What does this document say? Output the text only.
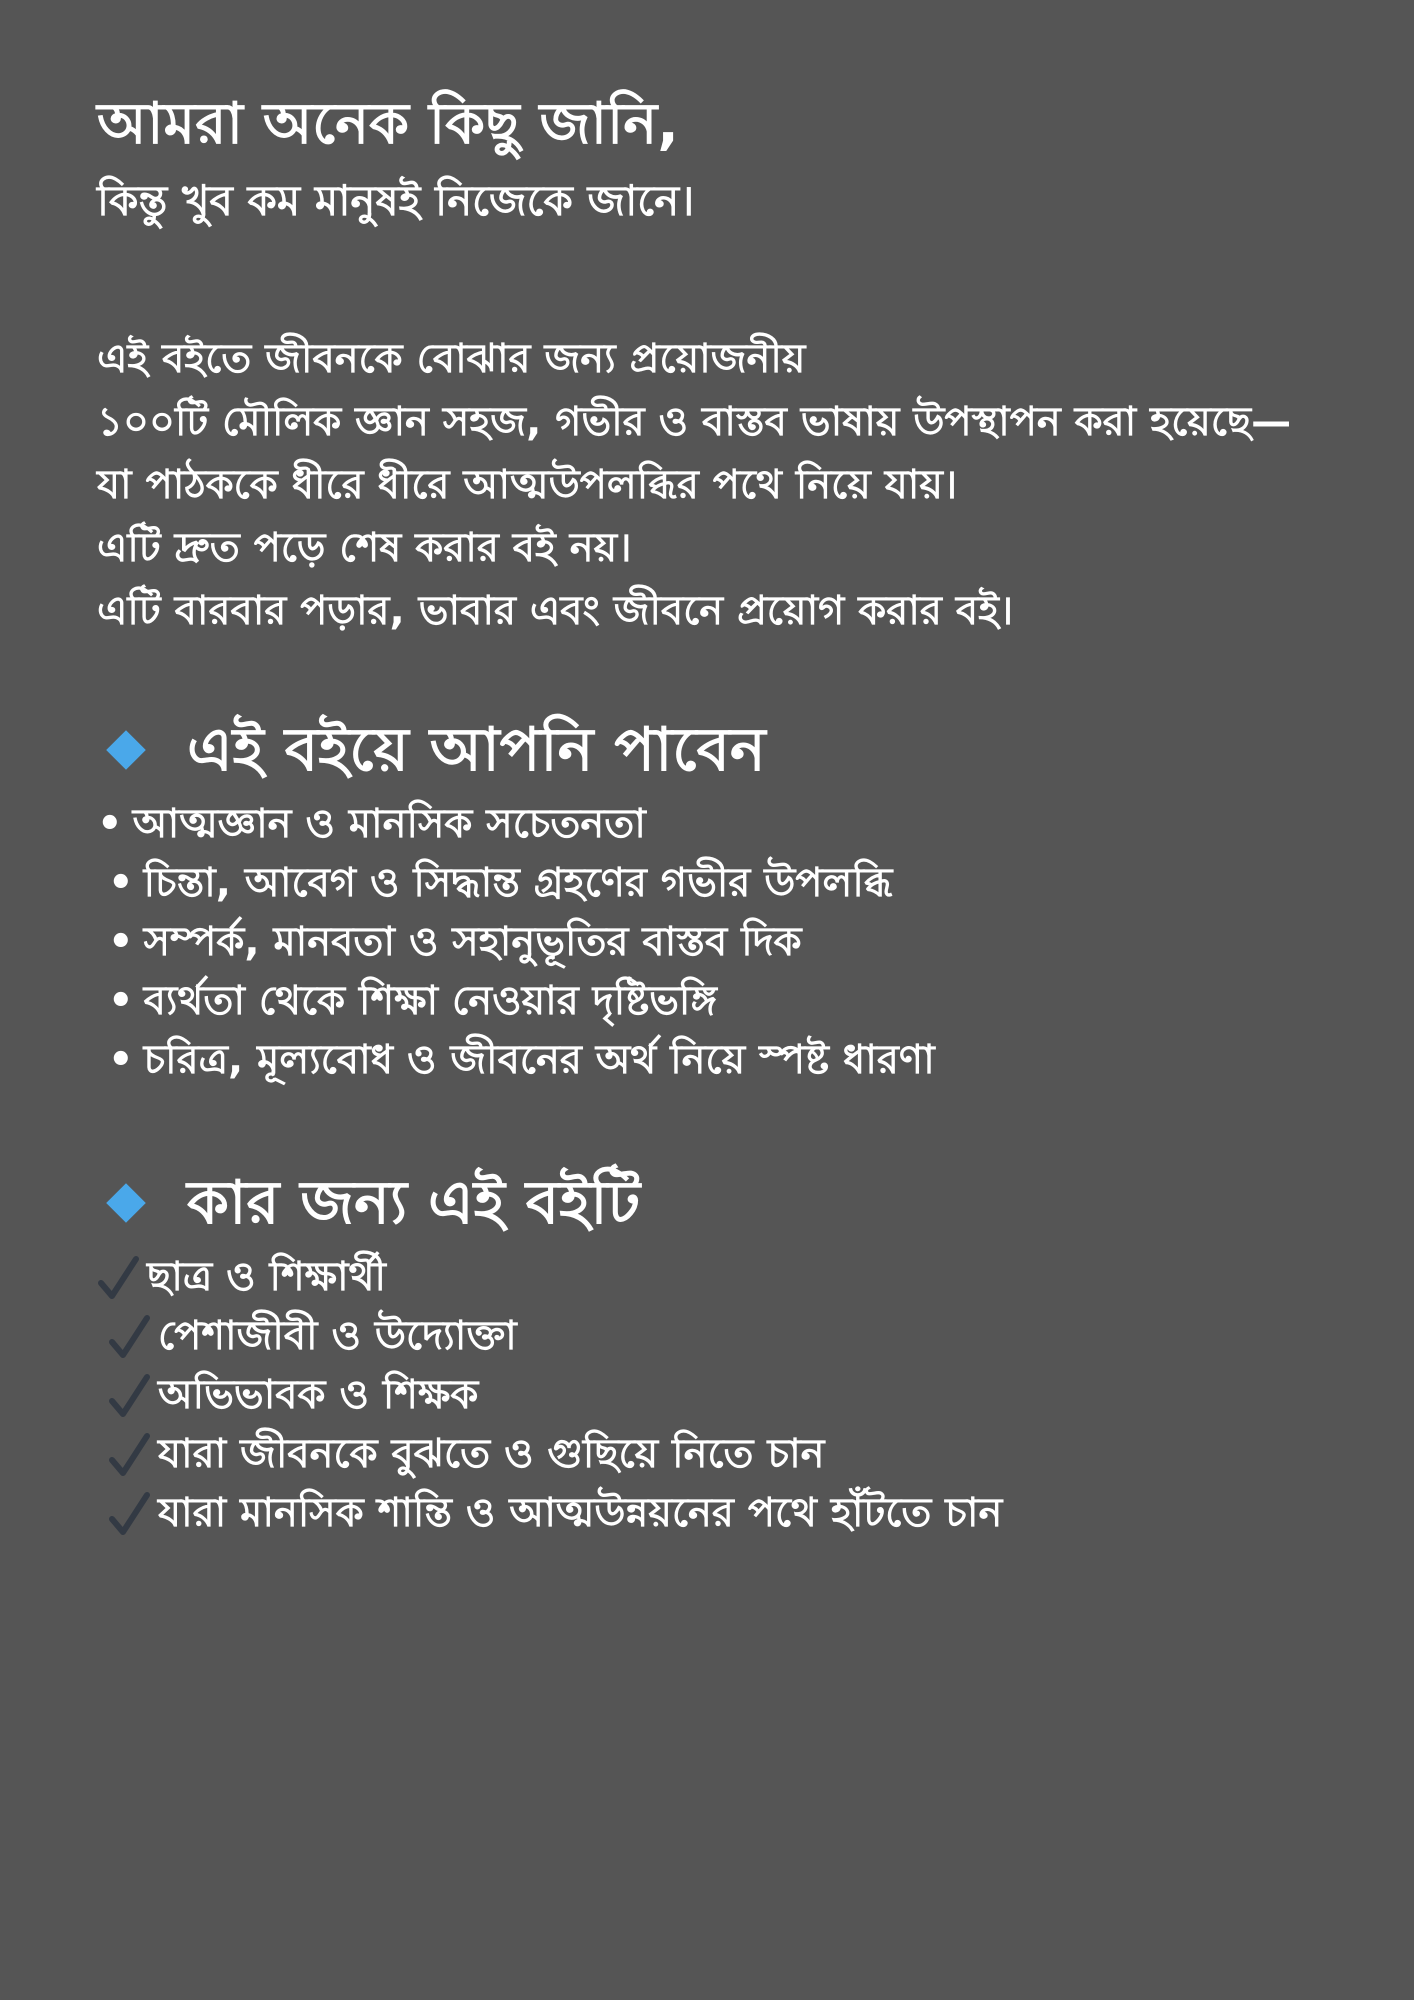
আমরা অনেক কিছু জানি,
কিন্তু খুব কম মানুষই নিজেকে জানে।
এই বইতে জীবনকে বোঝার জন্য প্রয়োজনীয়
১০০টি মৌলিক জ্ঞান সহজ, গভীর ও বাস্তব ভাষায় উপস্থাপন করা হয়েছে—
যা পাঠককে ধীরে ধীরে আত্মউপলব্ধির পথে নিয়ে যায়।
এটি দ্রুত পড়ে শেষ করার বই নয়।
এটি বারবার পড়ার, ভাবার এবং জীবনে প্রয়োগ করার বই।
এই বইয়ে আপনি পাবেন
• আত্মজ্ঞান ও মানসিক সচেতনতা
• চিন্তা, আবেগ ও সিদ্ধান্ত গ্রহণের গভীর উপলব্ধি
• সম্পর্ক, মানবতা ও সহানুভূতির বাস্তব দিক
• ব্যর্থতা থেকে শিক্ষা নেওয়ার দৃষ্টিভঙ্গি
• চরিত্র, মূল্যবোধ ও জীবনের অর্থ নিয়ে স্পষ্ট ধারণা
কার জন্য এই বইটি
ছাত্র ও শিক্ষার্থী
পেশাজীবী ও উদ্যোক্তা
অভিভাবক ও শিক্ষক
যারা জীবনকে বুঝতে ও গুছিয়ে নিতে চান
যারা মানসিক শান্তি ও আত্মউন্নয়নের পথে হাঁটতে চান
